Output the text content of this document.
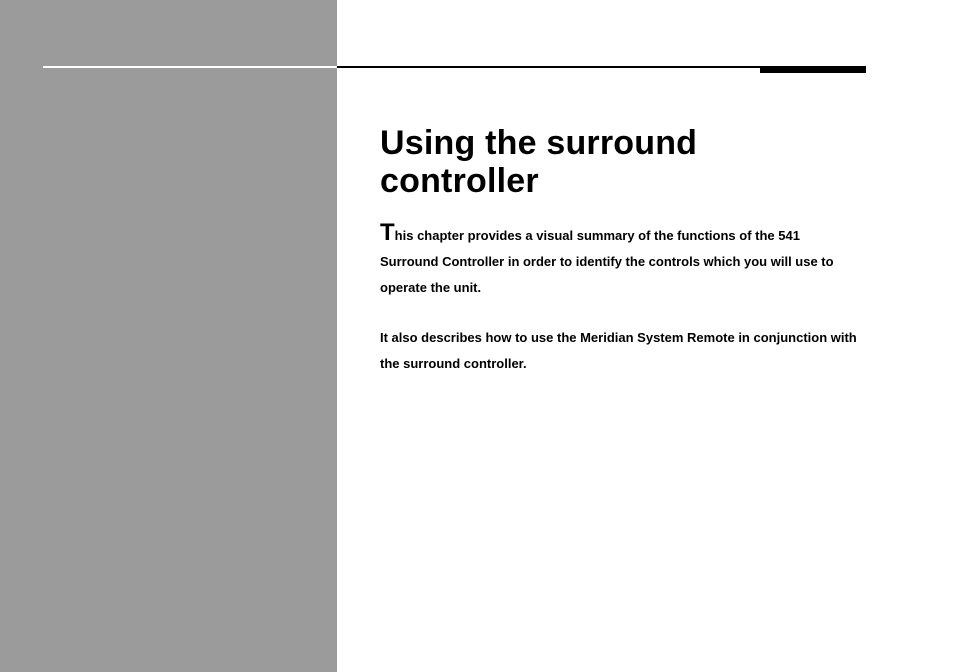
Using the surround controller

This chapter provides a visual summary of the functions of the 541 Surround Controller in order to identify the controls which you will use to operate the unit.

It also describes how to use the Meridian System Remote in conjunction with the surround controller.
